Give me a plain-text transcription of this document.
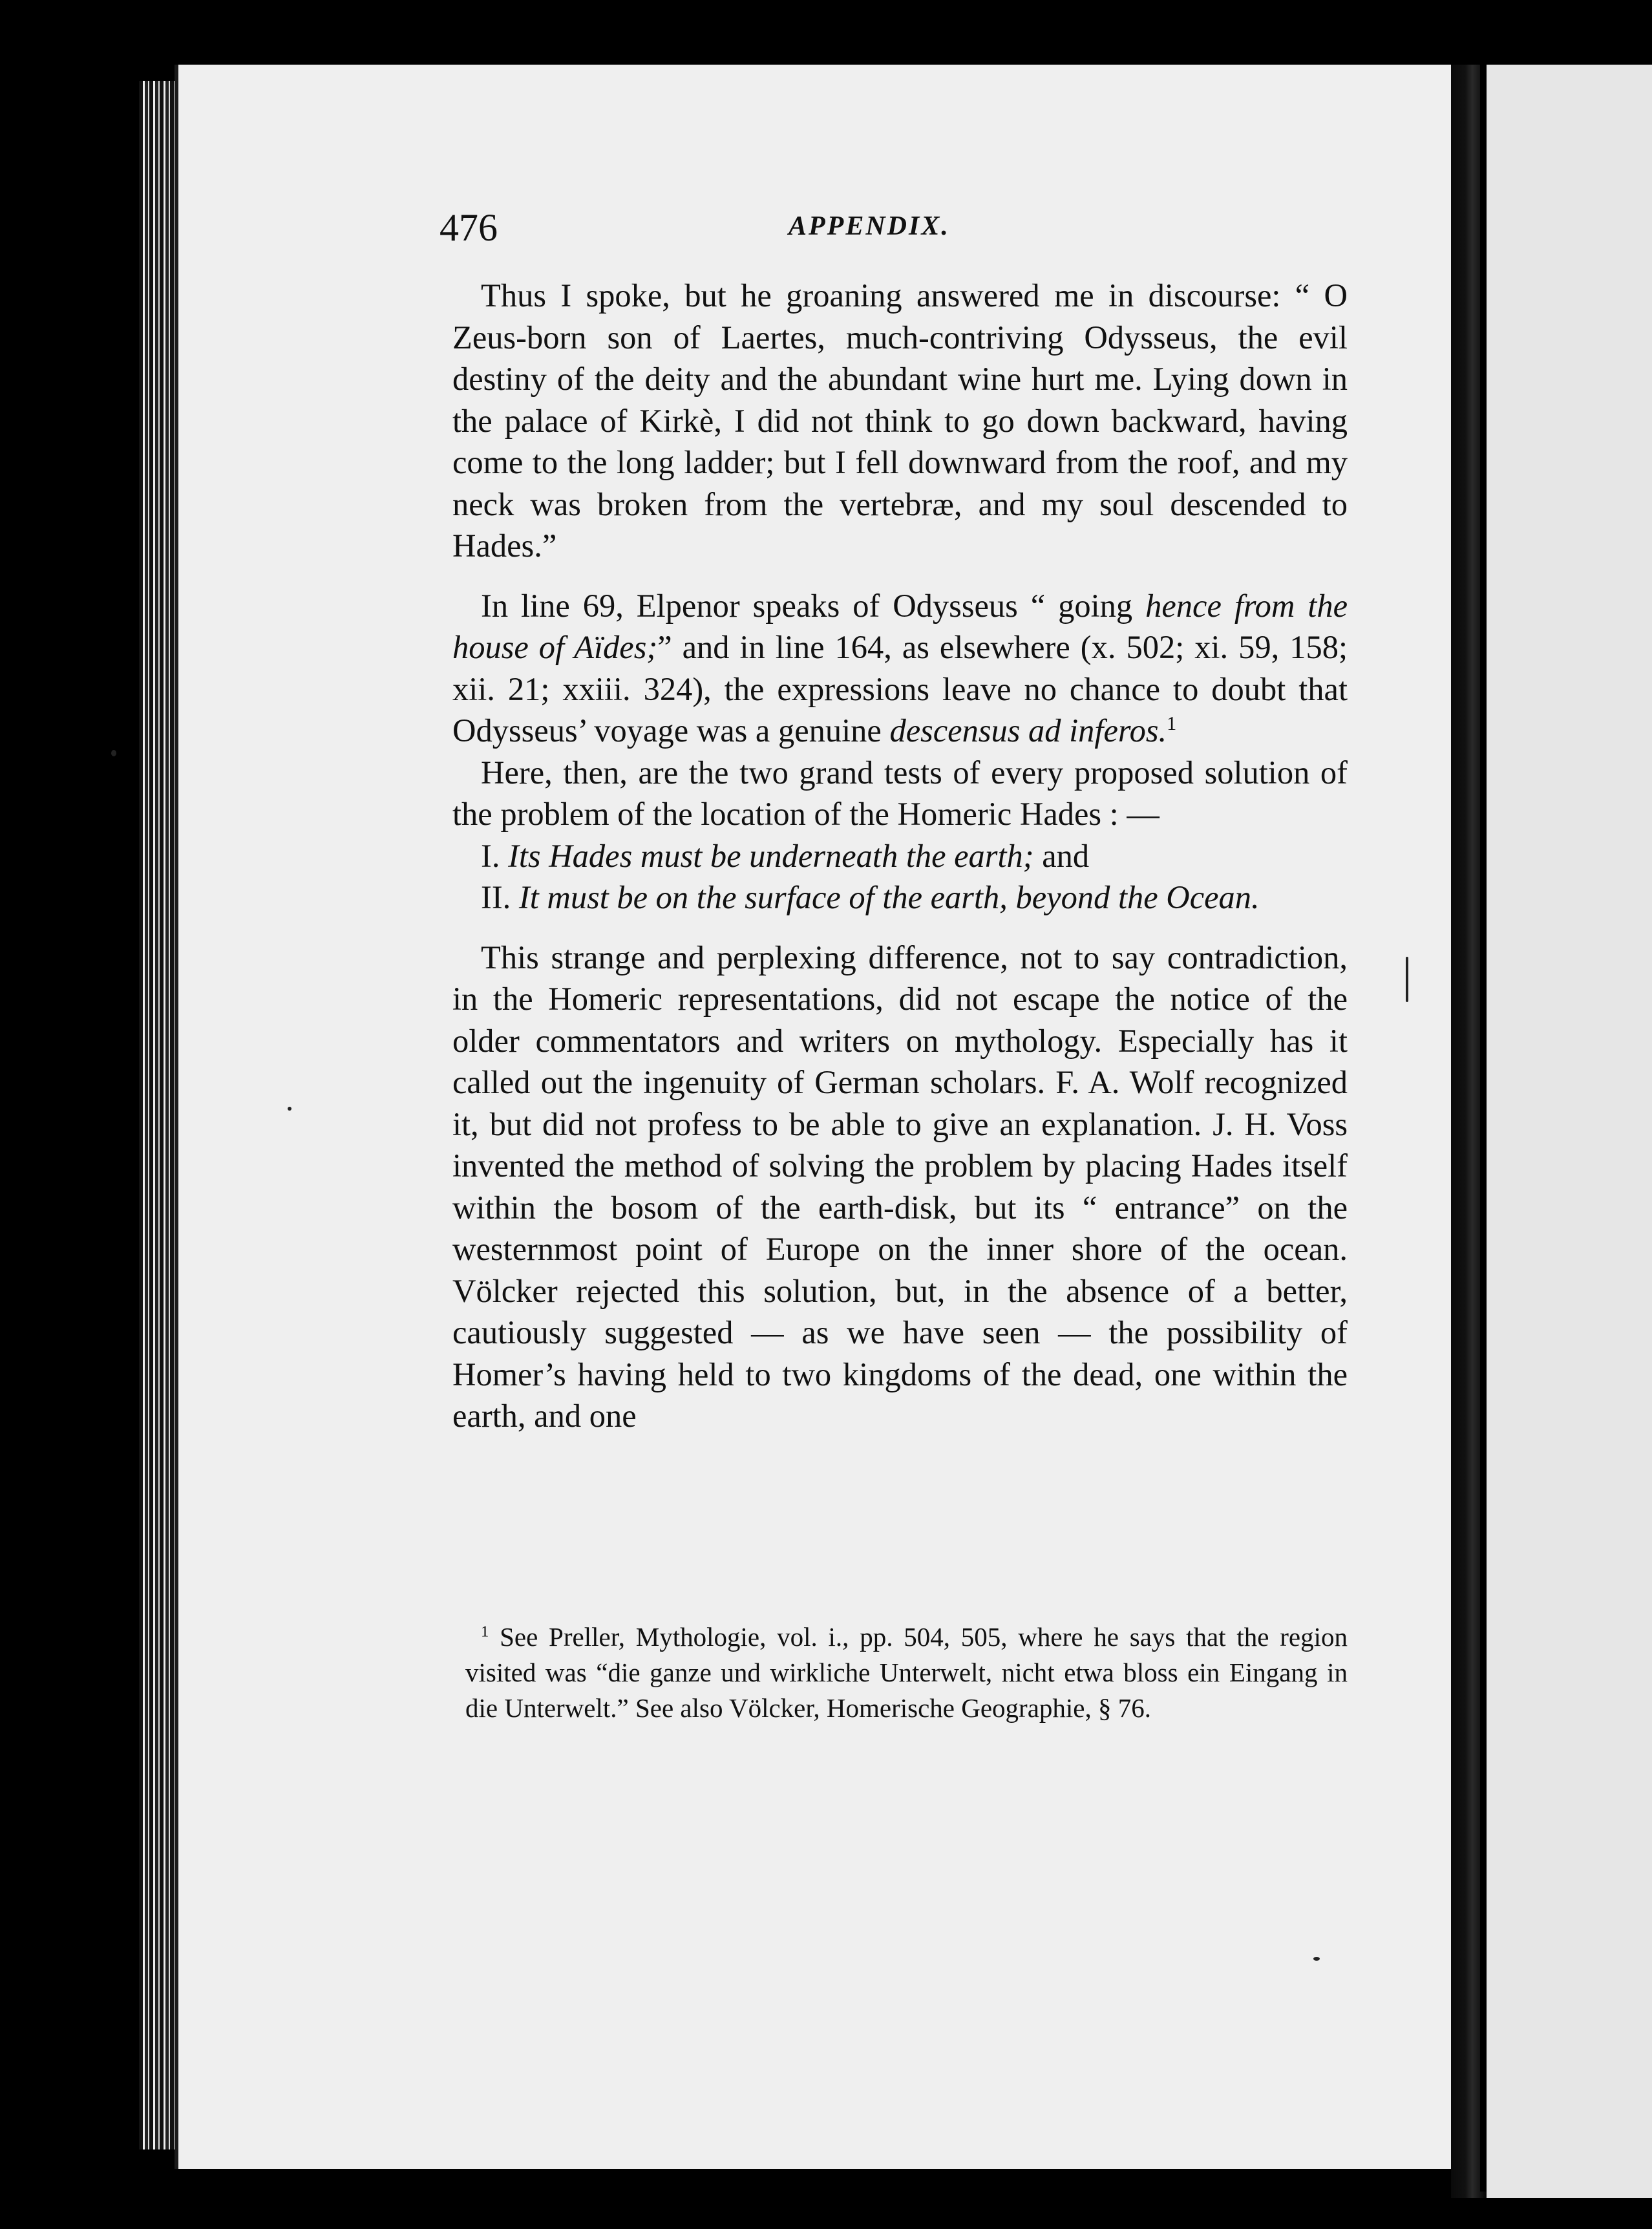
476	APPENDIX.

Thus I spoke, but he groaning answered me in discourse: “ O Zeus-born son of Laertes, much-contriving Odysseus, the evil destiny of the deity and the abundant wine hurt me. Lying down in the palace of Kirkè, I did not think to go down backward, having come to the long ladder; but I fell downward from the roof, and my neck was broken from the vertebræ, and my soul descended to Hades.”

In line 69, Elpenor speaks of Odysseus “ going hence from the house of Aïdes;” and in line 164, as elsewhere (x. 502; xi. 59, 158; xii. 21; xxiii. 324), the expressions leave no chance to doubt that Odysseus’ voyage was a genuine descensus ad inferos.$^1$

Here, then, are the two grand tests of every proposed solution of the problem of the location of the Homeric Hades : —

I. Its Hades must be underneath the earth; and

II. It must be on the surface of the earth, beyond the Ocean.

This strange and perplexing difference, not to say contradiction, in the Homeric representations, did not escape the notice of the older commentators and writers on mythology. Especially has it called out the ingenuity of German scholars. F. A. Wolf recognized it, but did not profess to be able to give an explanation. J. H. Voss invented the method of solving the problem by placing Hades itself within the bosom of the earth-disk, but its “ entrance” on the westernmost point of Europe on the inner shore of the ocean. Völcker rejected this solution, but, in the absence of a better, cautiously suggested — as we have seen — the possibility of Homer’s having held to two kingdoms of the dead, one within the earth, and one

$^1$ See Preller, Mythologie, vol. i., pp. 504, 505, where he says that the region visited was “die ganze und wirkliche Unterwelt, nicht etwa bloss ein Eingang in die Unterwelt.” See also Völcker, Homerische Geographie, § 76.
